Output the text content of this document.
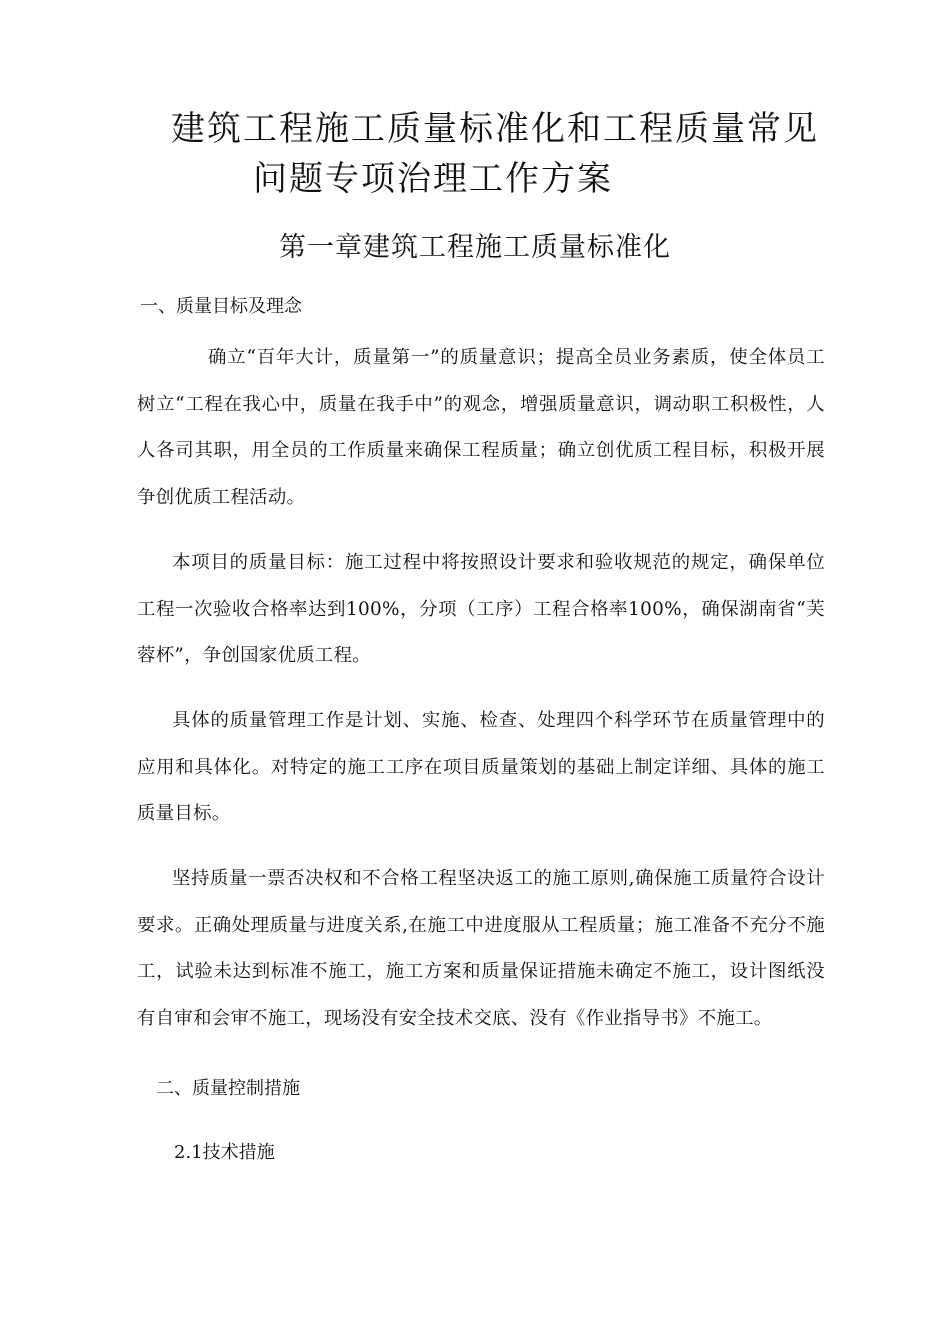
建筑工程施工质量标准化和工程质量常见
问题专项治理工作方案
第一章建筑工程施工质量标准化
一、质量目标及理念

确立“百年大计，质量第一”的质量意识；提高全员业务素质，使全体员工树立“工程在我心中，质量在我手中”的观念，增强质量意识，调动职工积极性，人人各司其职，用全员的工作质量来确保工程质量；确立创优质工程目标，积极开展争创优质工程活动。

本项目的质量目标：施工过程中将按照设计要求和验收规范的规定，确保单位工程一次验收合格率达到100%，分项（工序）工程合格率100%，确保湖南省“芙蓉杯”，争创国家优质工程。

具体的质量管理工作是计划、实施、检查、处理四个科学环节在质量管理中的应用和具体化。对特定的施工工序在项目质量策划的基础上制定详细、具体的施工质量目标。

坚持质量一票否决权和不合格工程坚决返工的施工原则,确保施工质量符合设计要求。正确处理质量与进度关系,在施工中进度服从工程质量；施工准备不充分不施工，试验未达到标准不施工，施工方案和质量保证措施未确定不施工，设计图纸没有自审和会审不施工，现场没有安全技术交底、没有《作业指导书》不施工。

二、质量控制措施
2.1技术措施
